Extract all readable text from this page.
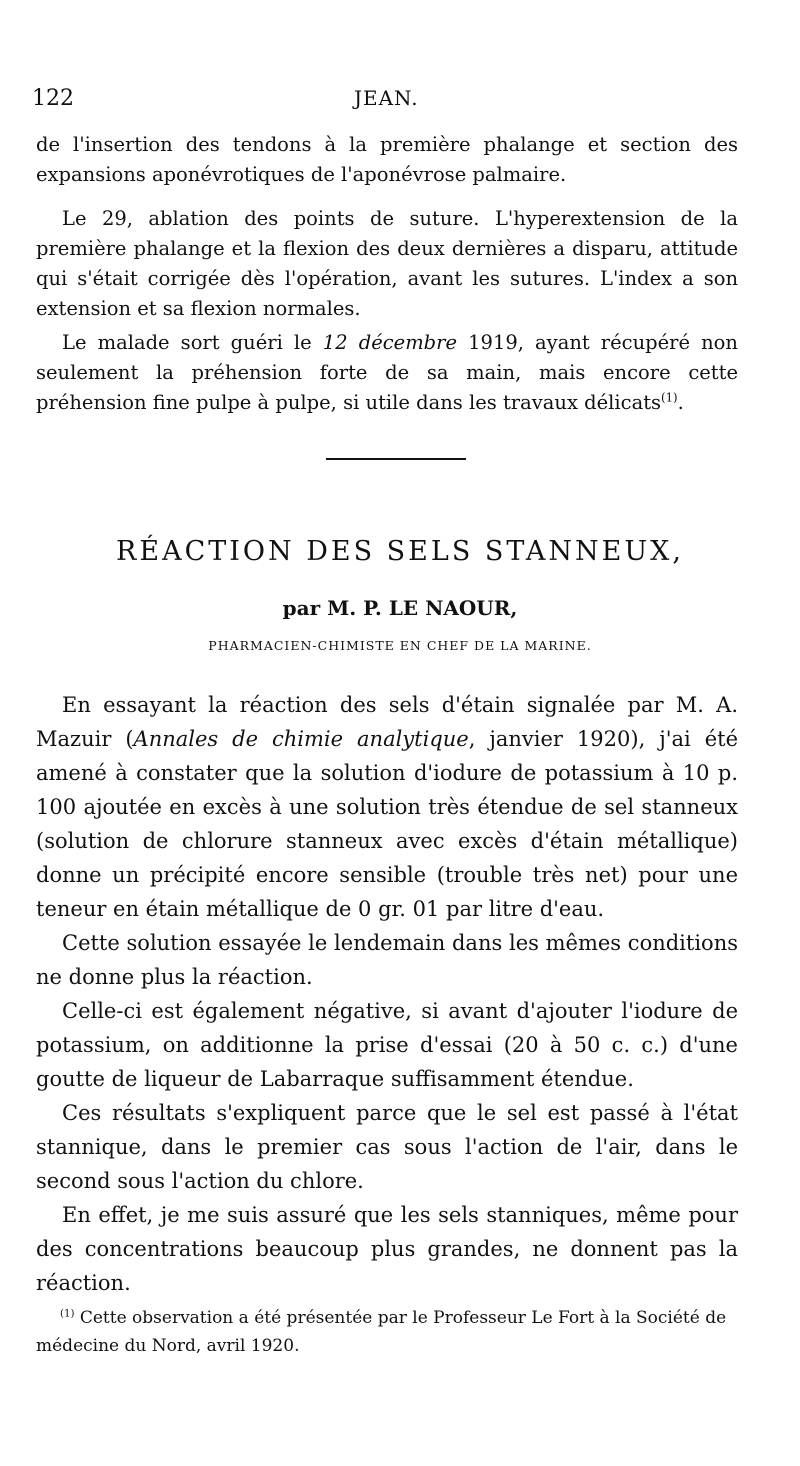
122	JEAN.

de l'insertion des tendons à la première phalange et section des expansions aponévrotiques de l'aponévrose palmaire.

Le 29, ablation des points de suture. L'hyperextension de la première phalange et la flexion des deux dernières a disparu, attitude qui s'était corrigée dès l'opération, avant les sutures. L'index a son extension et sa flexion normales.

Le malade sort guéri le 12 décembre 1919, ayant récupéré non seulement la préhension forte de sa main, mais encore cette préhension fine pulpe à pulpe, si utile dans les travaux délicats$^{(1)}$.

RÉACTION DES SELS STANNEUX,

par M. P. LE NAOUR,

PHARMACIEN-CHIMISTE EN CHEF DE LA MARINE.

En essayant la réaction des sels d'étain signalée par M. A. Mazuir (Annales de chimie analytique, janvier 1920), j'ai été amené à constater que la solution d'iodure de potassium à 10 p. 100 ajoutée en excès à une solution très étendue de sel stanneux (solution de chlorure stanneux avec excès d'étain métallique) donne un précipité encore sensible (trouble très net) pour une teneur en étain métallique de 0 gr. 01 par litre d'eau.

Cette solution essayée le lendemain dans les mêmes conditions ne donne plus la réaction.

Celle-ci est également négative, si avant d'ajouter l'iodure de potassium, on additionne la prise d'essai (20 à 50 c. c.) d'une goutte de liqueur de Labarraque suffisamment étendue.

Ces résultats s'expliquent parce que le sel est passé à l'état stannique, dans le premier cas sous l'action de l'air, dans le second sous l'action du chlore.

En effet, je me suis assuré que les sels stanniques, même pour des concentrations beaucoup plus grandes, ne donnent pas la réaction.

$^{(1)}$ Cette observation a été présentée par le Professeur Le Fort à la Société de médecine du Nord, avril 1920.
